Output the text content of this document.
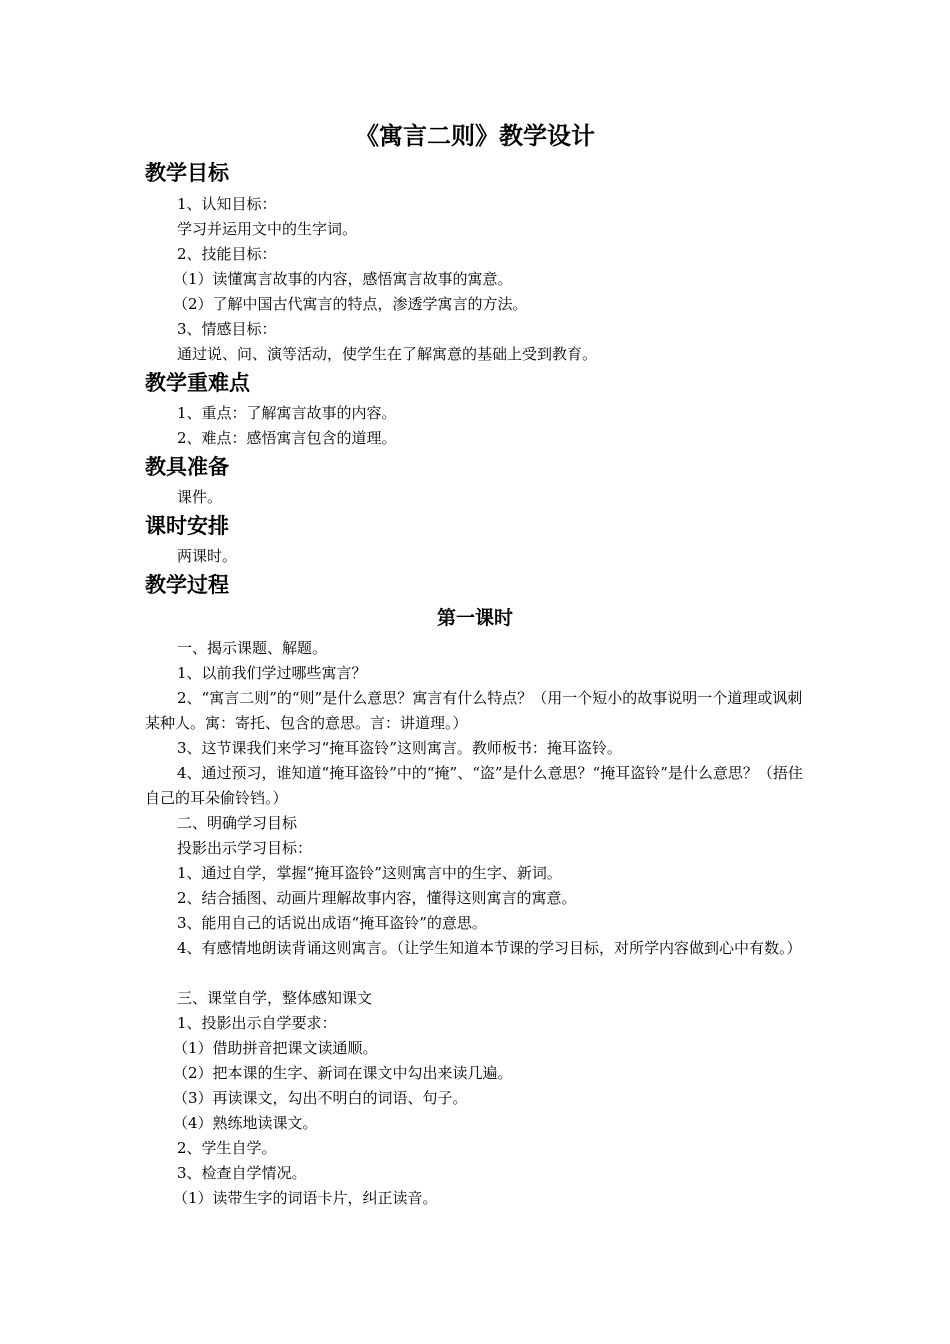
《寓言二则》教学设计
教学目标
1、认知目标：
学习并运用文中的生字词。
2、技能目标：
（1）读懂寓言故事的内容，感悟寓言故事的寓意。
（2）了解中国古代寓言的特点，渗透学寓言的方法。
3、情感目标：
通过说、问、演等活动，使学生在了解寓意的基础上受到教育。
教学重难点
1、重点：了解寓言故事的内容。
2、难点：感悟寓言包含的道理。
教具准备
课件。
课时安排
两课时。
教学过程
第一课时
一、揭示课题、解题。
1、以前我们学过哪些寓言？
2、“寓言二则”的“则”是什么意思？寓言有什么特点？（用一个短小的故事说明一个道理或讽刺某种人。寓：寄托、包含的意思。言：讲道理。）
3、这节课我们来学习“掩耳盗铃”这则寓言。教师板书：掩耳盗铃。
4、通过预习，谁知道“掩耳盗铃”中的“掩”、“盗”是什么意思？“掩耳盗铃”是什么意思？（捂住自己的耳朵偷铃铛。）
二、明确学习目标
投影出示学习目标：
1、通过自学，掌握“掩耳盗铃”这则寓言中的生字、新词。
2、结合插图、动画片理解故事内容，懂得这则寓言的寓意。
3、能用自己的话说出成语“掩耳盗铃”的意思。
4、有感情地朗读背诵这则寓言。（让学生知道本节课的学习目标，对所学内容做到心中有数。）
三、课堂自学，整体感知课文
1、投影出示自学要求：
（1）借助拼音把课文读通顺。
（2）把本课的生字、新词在课文中勾出来读几遍。
（3）再读课文，勾出不明白的词语、句子。
（4）熟练地读课文。
2、学生自学。
3、检查自学情况。
（1）读带生字的词语卡片，纠正读音。
